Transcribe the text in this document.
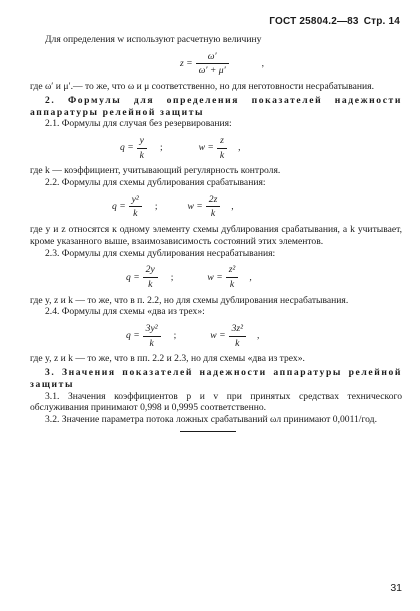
ГОСТ 25804.2—83 Стр. 14

Для определения w используют расчетную величину

$z = \frac{\omega'}{\omega' + \mu'}$	,

где ω′ и μ′.— то же, что ω и μ соответственно, но для неготовности несрабатывания.

2. Формулы для определения показателей надежности аппаратуры релейной защиты

2.1. Формулы для случая без резервирования:

$q = \frac{y}{k}$ ;	$w = \frac{z}{k}$ ,

где k — коэффициент, учитывающий регулярность контроля.

2.2. Формулы для схемы дублирования срабатывания:

$q = \frac{\text{y²}}{k}$ ;	$w = \frac{2z}{k}$ ,

где y и z относятся к одному элементу схемы дублирования срабатывания, а k учитывает, кроме указанного выше, взаимозависимость состояний этих элементов.

2.3. Формулы для схемы дублирования несрабатывания:

$q = \frac{2y}{k}$ ;	$w = \frac{\text{z²}}{k}$ ,

где y, z и k — то же, что в п. 2.2, но для схемы дублирования несрабатывания.

2.4. Формулы для схемы «два из трех»:

$q = \frac{\text{3y²}}{k}$ ;	$w = \frac{\text{3z²}}{k}$ ,

где y, z и k — то же, что в пп. 2.2 и 2.3, но для схемы «два из трех».

3. Значения показателей надежности аппаратуры релейной защиты

3.1. Значения коэффициентов p и v при принятых средствах технического обслуживания принимают 0,998 и 0,9995 соответственно.

3.2. Значение параметра потока ложных срабатываний ωл принимают 0,0011/год.

31
